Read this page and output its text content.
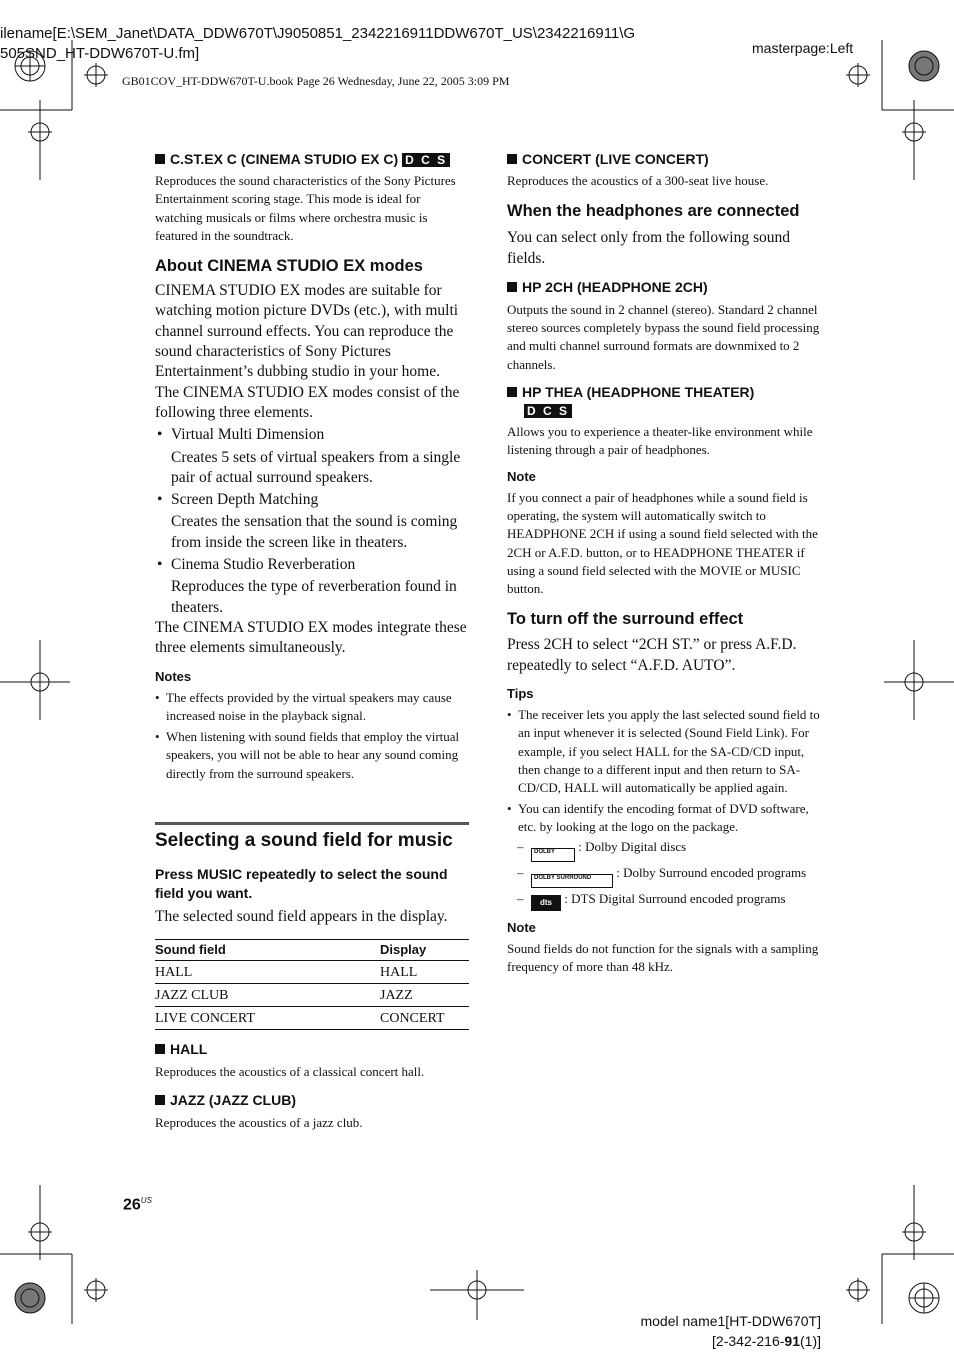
ilename[E:\SEM_Janet\DATA_DDW670T\J9050851_2342216911DDW670T_US\2342216911\G
505SND_HT-DDW670T-U.fm]	masterpage:Left
GB01COV_HT-DDW670T-U.book Page 26 Wednesday, June 22, 2005 3:09 PM

C.ST.EX C (CINEMA STUDIO EX C) D C S

Reproduces the sound characteristics of the Sony Pictures Entertainment scoring stage. This mode is ideal for watching musicals or films where orchestra music is featured in the soundtrack.

About CINEMA STUDIO EX modes

CINEMA STUDIO EX modes are suitable for watching motion picture DVDs (etc.), with multi channel surround effects. You can reproduce the sound characteristics of Sony Pictures Entertainment’s dubbing studio in your home.

The CINEMA STUDIO EX modes consist of the following three elements.

• Virtual Multi Dimension
Creates 5 sets of virtual speakers from a single pair of actual surround speakers.
• Screen Depth Matching
Creates the sensation that the sound is coming from inside the screen like in theaters.
• Cinema Studio Reverberation
Reproduces the type of reverberation found in theaters.

The CINEMA STUDIO EX modes integrate these three elements simultaneously.

Notes

• The effects provided by the virtual speakers may cause increased noise in the playback signal.
• When listening with sound fields that employ the virtual speakers, you will not be able to hear any sound coming directly from the surround speakers.

Selecting a sound field for music

Press MUSIC repeatedly to select the sound field you want.

The selected sound field appears in the display.

Sound field	Display
HALL	HALL
JAZZ CLUB	JAZZ
LIVE CONCERT	CONCERT

HALL

Reproduces the acoustics of a classical concert hall.

JAZZ (JAZZ CLUB)

Reproduces the acoustics of a jazz club.

CONCERT (LIVE CONCERT)

Reproduces the acoustics of a 300-seat live house.

When the headphones are connected

You can select only from the following sound fields.

HP 2CH (HEADPHONE 2CH)

Outputs the sound in 2 channel (stereo). Standard 2 channel stereo sources completely bypass the sound field processing and multi channel surround formats are downmixed to 2 channels.

HP THEA (HEADPHONE THEATER)
D C S

Allows you to experience a theater-like environment while listening through a pair of headphones.

Note

If you connect a pair of headphones while a sound field is operating, the system will automatically switch to HEADPHONE 2CH if using a sound field selected with the 2CH or A.F.D. button, or to HEADPHONE THEATER if using a sound field selected with the MOVIE or MUSIC button.

To turn off the surround effect

Press 2CH to select “2CH ST.” or press A.F.D. repeatedly to select “A.F.D. AUTO”.

Tips

• The receiver lets you apply the last selected sound field to an input whenever it is selected (Sound Field Link). For example, if you select HALL for the SA-CD/CD input, then change to a different input and then return to SA-CD/CD, HALL will automatically be applied again.
• You can identify the encoding format of DVD software, etc. by looking at the logo on the package.
– DOLBY : Dolby Digital discs
– DOLBY SURROUND : Dolby Surround encoded programs
– dts : DTS Digital Surround encoded programs

Note

Sound fields do not function for the signals with a sampling frequency of more than 48 kHz.

$26^{US}$
model name1[HT-DDW670T]
[2-342-216-91(1)]
